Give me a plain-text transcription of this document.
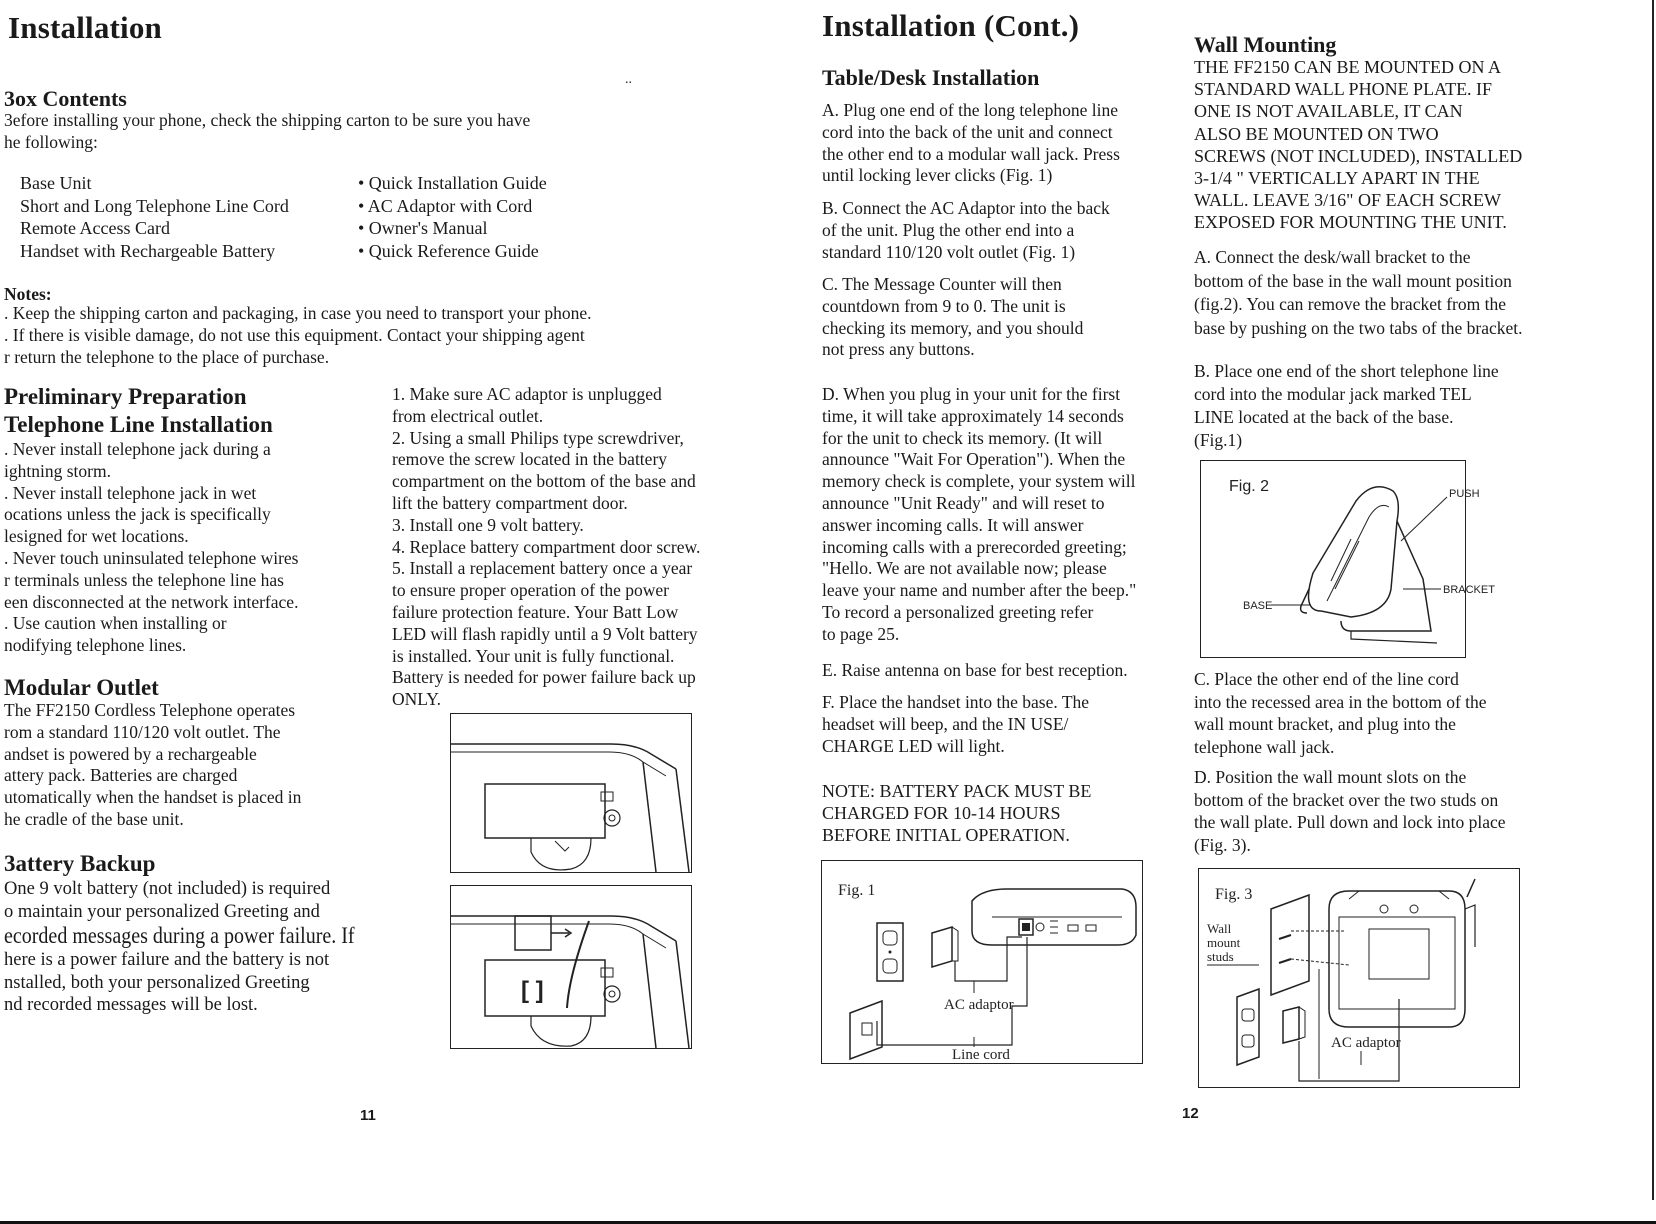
Installation
3ox Contents
3efore installing your phone, check the shipping carton to be sure you have
he following:
..
Base Unit
Short and Long Telephone Line Cord
Remote Access Card
Handset with Rechargeable Battery
• Quick Installation Guide
• AC Adaptor with Cord
• Owner's Manual
• Quick Reference Guide
Notes:
. Keep the shipping carton and packaging, in case you need to transport your phone.
. If there is visible damage, do not use this equipment. Contact your shipping agent
r return the telephone to the place of purchase.
Preliminary Preparation
Telephone Line Installation
. Never install telephone jack during a
ightning storm.
. Never install telephone jack in wet
ocations unless the jack is specifically
lesigned for wet locations.
. Never touch uninsulated telephone wires
r terminals unless the telephone line has
een disconnected at the network interface.
. Use caution when installing or
nodifying telephone lines.
Modular Outlet
The FF2150 Cordless Telephone operates
rom a standard 110/120 volt outlet. The
andset is powered by a rechargeable
attery pack. Batteries are charged
utomatically when the handset is placed in
he cradle of the base unit.
3attery Backup
One 9 volt battery (not included) is required
o maintain your personalized Greeting and
ecorded messages during a power failure. If
here is a power failure and the battery is not
nstalled, both your personalized Greeting
nd recorded messages will be lost.
1. Make sure AC adaptor is unplugged
from electrical outlet.
2. Using a small Philips type screwdriver,
remove the screw located in the battery
compartment on the bottom of the base and
lift the battery compartment door.
3. Install one 9 volt battery.
4. Replace battery compartment door screw.
5. Install a replacement battery once a year
to ensure proper operation of the power
failure protection feature. Your Batt Low
LED will flash rapidly until a 9 Volt battery
is installed. Your unit is fully functional.
Battery is needed for power failure back up
ONLY.
[ ]
11
Installation (Cont.)
Table/Desk Installation
A. Plug one end of the long telephone line
cord into the back of the unit and connect
the other end to a modular wall jack. Press
until locking lever clicks (Fig. 1)
B. Connect the AC Adaptor into the back
of the unit. Plug the other end into a
standard 110/120 volt outlet (Fig. 1)
C. The Message Counter will then
countdown from 9 to 0. The unit is
checking its memory, and you should
not press any buttons.
D. When you plug in your unit for the first
time, it will take approximately 14 seconds
for the unit to check its memory. (It will
announce "Wait For Operation"). When the
memory check is complete, your system will
announce "Unit Ready" and will reset to
answer incoming calls. It will answer
incoming calls with a prerecorded greeting;
"Hello. We are not available now; please
leave your name and number after the beep."
To record a personalized greeting refer
to page 25.
E. Raise antenna on base for best reception.
F. Place the handset into the base. The
headset will beep, and the IN USE/
CHARGE LED will light.
NOTE: BATTERY PACK MUST BE
CHARGED FOR 10-14 HOURS
BEFORE INITIAL OPERATION.
Fig. 1
AC adaptor
Line cord
Wall Mounting
THE FF2150 CAN BE MOUNTED ON A
STANDARD WALL PHONE PLATE. IF
ONE IS NOT AVAILABLE, IT CAN
ALSO BE MOUNTED ON TWO
SCREWS (NOT INCLUDED), INSTALLED
3-1/4 " VERTICALLY APART IN THE
WALL. LEAVE 3/16" OF EACH SCREW
EXPOSED FOR MOUNTING THE UNIT.
A. Connect the desk/wall bracket to the
bottom of the base in the wall mount position
(fig.2). You can remove the bracket from the
base by pushing on the two tabs of the bracket.
B. Place one end of the short telephone line
cord into the modular jack marked TEL
LINE located at the back of the base.
(Fig.1)
Fig. 2	PUSH
BRACKET
BASE
C. Place the other end of the line cord
into the recessed area in the bottom of the
wall mount bracket, and plug into the
telephone wall jack.
D. Position the wall mount slots on the
bottom of the bracket over the two studs on
the wall plate. Pull down and lock into place
(Fig. 3).
Fig. 3
Wall
mount
studs
AC adaptor
12
